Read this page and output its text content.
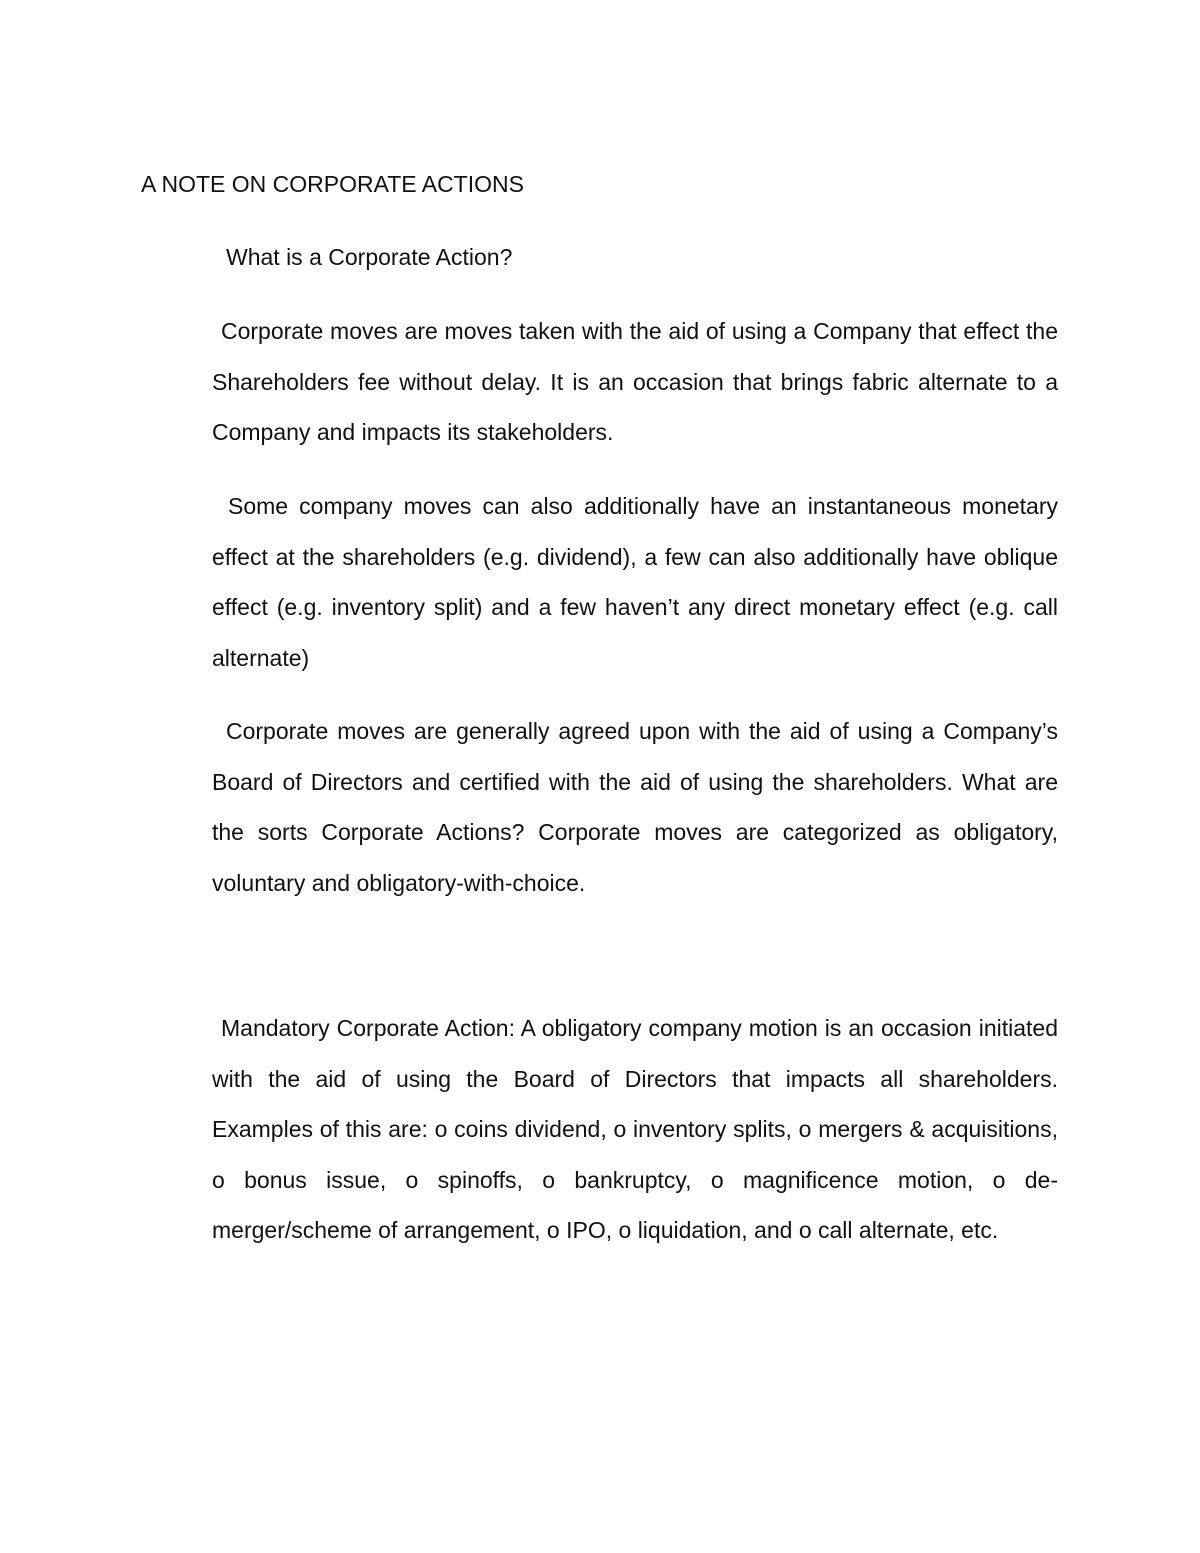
A NOTE ON CORPORATE ACTIONS
What is a Corporate Action?

Corporate moves are moves taken with the aid of using a Company that effect the Shareholders fee without delay. It is an occasion that brings fabric alternate to a Company and impacts its stakeholders.

Some company moves can also additionally have an instantaneous monetary effect at the shareholders (e.g. dividend), a few can also additionally have oblique effect (e.g. inventory split) and a few haven’t any direct monetary effect (e.g. call alternate)

Corporate moves are generally agreed upon with the aid of using a Company’s Board of Directors and certified with the aid of using the shareholders. What are the sorts Corporate Actions? Corporate moves are categorized as obligatory, voluntary and obligatory-with-choice.

Mandatory Corporate Action: A obligatory company motion is an occasion initiated with the aid of using the Board of Directors that impacts all shareholders. Examples of this are: o coins dividend, o inventory splits, o mergers & acquisitions, o bonus issue, o spinoffs, o bankruptcy, o magnificence motion, o de-merger/scheme of arrangement, o IPO, o liquidation, and o call alternate, etc.
